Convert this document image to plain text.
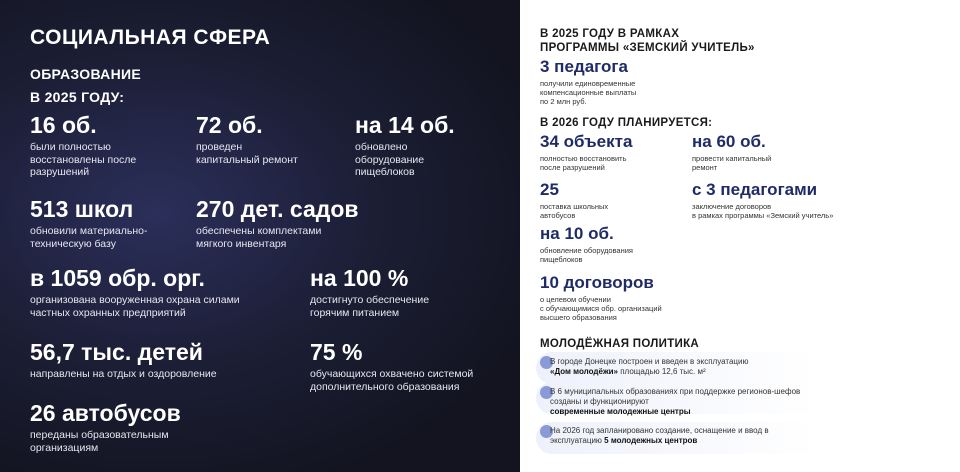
СОЦИАЛЬНАЯ СФЕРА
ОБРАЗОВАНИЕ
В 2025 ГОДУ:
16 об.
были полностью
восстановлены после
разрушений
72 об.
проведен
капитальный ремонт
на 14 об.
обновлено
оборудование
пищеблоков
513 школ
обновили материально-
техническую базу
270 дет. садов
обеспечены комплектами
мягкого инвентаря
в 1059 обр. орг.
организована вооруженная охрана силами
частных охранных предприятий
на 100 %
достигнуто обеспечение
горячим питанием
56,7 тыс. детей
направлены на отдых и оздоровление
75 %
обучающихся охвачено системой
дополнительного образования
26 автобусов
переданы образовательным
организациям
В 2025 ГОДУ В РАМКАХ
ПРОГРАММЫ «ЗЕМСКИЙ УЧИТЕЛЬ»
3 педагога
получили единовременные
компенсационные выплаты
по 2 млн руб.
В 2026 ГОДУ ПЛАНИРУЕТСЯ:
34 объекта
полностью восстановить
после разрушений
на 60 об.
провести капитальный
ремонт
25
поставка школьных
автобусов
с 3 педагогами
заключение договоров
в рамках программы «Земский учитель»
на 10 об.
обновление оборудования
пищеблоков
10 договоров
о целевом обучении
с обучающимися обр. организаций
высшего образования
МОЛОДЁЖНАЯ ПОЛИТИКА
В городе Донецке построен и введен в эксплуатацию
«Дом молодёжи» площадью 12,6 тыс. м²
В 6 муниципальных образованиях при поддержке регионов-шефов созданы и функционируют
современные молодежные центры
На 2026 год запланировано создание, оснащение и ввод в эксплуатацию 5 молодежных центров
